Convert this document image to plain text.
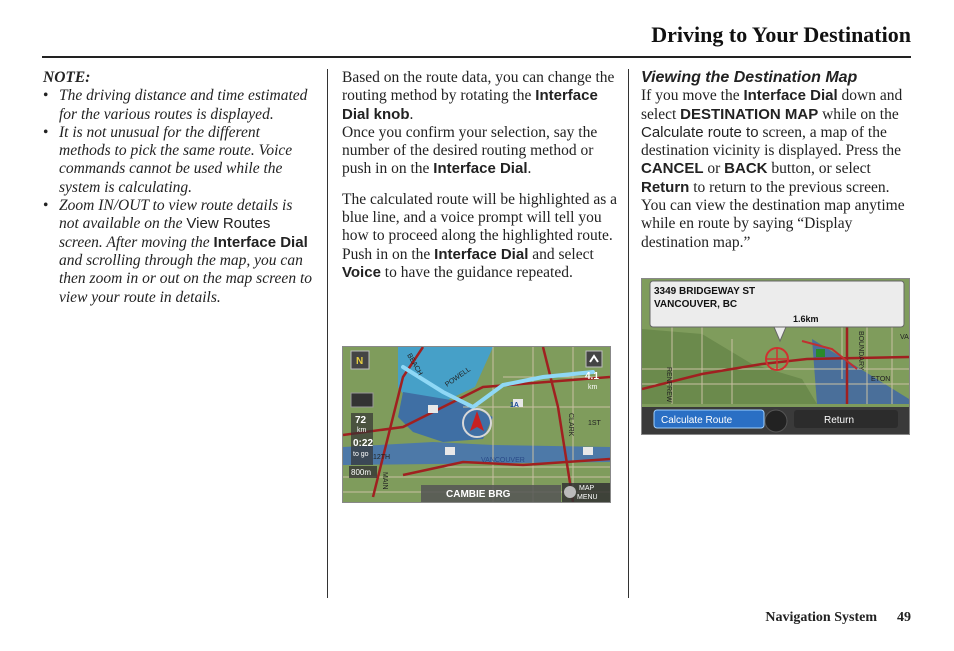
Driving to Your Destination

NOTE:

• The driving distance and time estimated for the various routes is displayed.
• It is not unusual for the different methods to pick the same route. Voice commands cannot be used while the system is calculating.
• Zoom IN/OUT to view route details is not available on the View Routes screen. After moving the Interface Dial and scrolling through the map, you can then zoom in or out on the map screen to view your route in details.

Based on the route data, you can change the routing method by rotating the Interface Dial knob.
Once you confirm your selection, say the number of the desired routing method or push in on the Interface Dial.

The calculated route will be highlighted as a blue line, and a voice prompt will tell you how to proceed along the highlighted route.
Push in on the Interface Dial and select Voice to have the guidance repeated.

N
4.1
km
72
km
0:22
to go
800m
CAMBIE BRG
MAP
MENU
BEACH
POWELL
VANCOUVER
CLARK 1ST
12TH
MAIN
1A

Viewing the Destination Map

If you move the Interface Dial down and select DESTINATION MAP while on the Calculate route to screen, a map of the destination vicinity is displayed. Press the CANCEL or BACK button, or select Return to return to the previous screen. You can view the destination map anytime while en route by saying “Display destination map.”

3349 BRIDGEWAY ST
VANCOUVER, BC
1.6km
BOUNDARY
ETON
RENFREW
VA
Calculate Route	Return
Navigation System 49
